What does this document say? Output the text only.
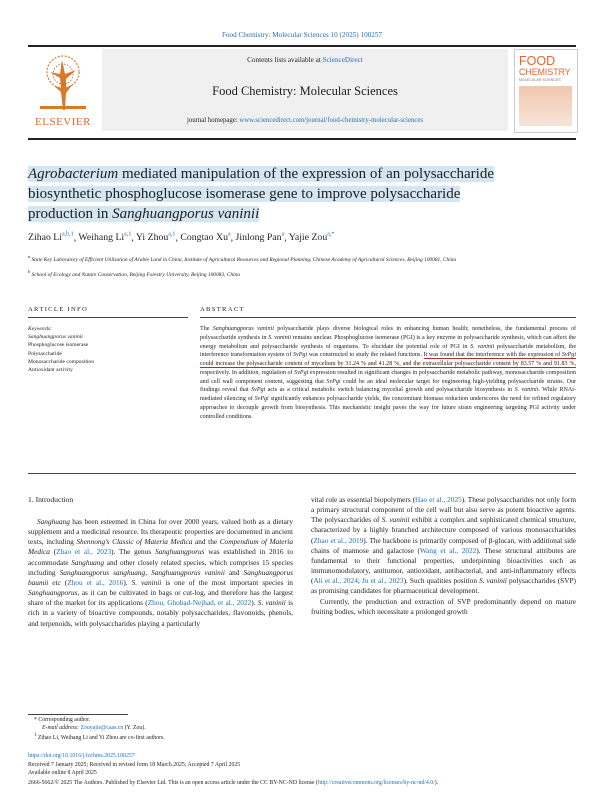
Food Chemistry: Molecular Sciences 10 (2025) 100257
ELSEVIER
Contents lists available at ScienceDirect
Food Chemistry: Molecular Sciences
journal homepage: www.sciencedirect.com/journal/food-chemistry-molecular-sciences
FOOD
CHEMISTRY
MOLECULAR SCIENCES
Agrobacterium mediated manipulation of the expression of an polysaccharide biosynthetic phosphoglucose isomerase gene to improve polysaccharide production in Sanghuangporus vaninii
Zihao Li$^{a,b,1}$, Weihang Li$^{a,1}$, Yi Zhou$^{a,1}$, Congtao Xu$^a$, Jinlong Pan$^a$, Yajie Zou$^{a,*}$
$^a$ State Key Laboratory of Efficient Utilization of Arable Land in China, Institute of Agricultural Resources and Regional Planning, Chinese Academy of Agricultural Sciences, Beijing 100081, China
$^b$ School of Ecology and Nature Conservation, Beijing Forestry University, Beijing 100083, China
ARTICLE INFO	ABSTRACT
Keywords:
Sanghuangporus vaninii
Phosphoglucose isomerase
Polysaccharide
Monosaccharide composition
Antioxidant activity
The Sanghuangporus vaninii polysaccharide plays diverse biological roles in enhancing human health; nonetheless, the fundamental process of polysaccharide synthesis in S. vaninii remains unclear. Phosphoglucose isomerase (PGI) is a key enzyme in polysaccharide synthesis, which can affect the energy metabolism and polysaccharide synthesis of organisms. To elucidate the potential role of PGI in S. vaninii polysaccharide metabolism, the interference transformation system of SvPgi was constructed to study the related functions. It was found that the interference with the expression of SvPgi could increase the polysaccharide content of mycelium by 31.24 % and 41.28 %, and the extracellular polysaccharide content by 83.57 % and 91.83 %, respectively. In addition, regulation of SvPgi expression resulted in significant changes in polysaccharide metabolic pathway, monosaccharide composition and cell wall component content, suggesting that SvPgi could be an ideal molecular target for engineering high-yielding polysaccharide strains. Our findings reveal that SvPgi acts as a critical metabolic switch balancing mycelial growth and polysaccharide biosynthesis in S. vaninii. While RNAi-mediated silencing of SvPgi significantly enhances polysaccharide yields, the concomitant biomass reduction underscores the need for refined regulatory approaches to decouple growth from biosynthesis. This mechanistic insight paves the way for future strain engineering targeting PGI activity under controlled conditions.
1. Introduction

Sanghuang has been esteemed in China for over 2000 years, valued both as a dietary supplement and a medicinal resource. Its therapeutic properties are documented in ancient texts, including Shennong’s Classic of Materia Medica and the Compendium of Materia Medica (Zhao et al., 2023). The genus Sanghuangporus was established in 2016 to accommodate Sanghuang and other closely related species, which comprises 15 species including Sanghuangporus sanghuang, Sanghuangporus vaninii and Sanghuangporus baumii etc (Zhou et al., 2016). S. vaninii is one of the most important species in Sanghuangporus, as it can be cultivated in bags or cut-log, and therefore has the largest share of the market for its applications (Zhou, Ghobad-Nejhad, et al., 2022). S. vaninii is rich in a variety of bioactive compounds, notably polysaccharides, flavonoids, phenols, and terpenoids, with polysaccharides playing a particularly

vital role as essential biopolymers (Hao et al., 2025). These polysaccharides not only form a primary structural component of the cell wall but also serve as potent bioactive agents. The polysaccharides of S. vaninii exhibit a complex and sophisticated chemical structure, characterized by a highly branched architecture composed of various monosaccharides (Zhao et al., 2019). The backbone is primarily composed of β-glucan, with additional side chains of mannose and galactose (Wang et al., 2022). These structural attributes are fundamental to their functional properties, underpinning bioactivities such as immunomodulatory, antitumor, antioxidant, antibacterial, and anti-inflammatory effects (Ali et al., 2024; Ju et al., 2023). Such qualities position S. vaninii polysaccharides (SVP) as promising candidates for pharmaceutical development.

Currently, the production and extraction of SVP predominantly depend on mature fruiting bodies, which necessitate a prolonged growth

* Corresponding author.
E-mail address: Zouyajie@caas.cn (Y. Zou).
$^1$ Zihao Li, Weihang Li and Yi Zhou are co-first authors.
https://doi.org/10.1016/j.fochms.2025.100257
Received 7 January 2025; Received in revised form 18 March 2025; Accepted 7 April 2025
Available online 8 April 2025
2666-5662/© 2025 The Authors. Published by Elsevier Ltd. This is an open access article under the CC BY-NC-ND license (http://creativecommons.org/licenses/by-nc-nd/4.0/).
